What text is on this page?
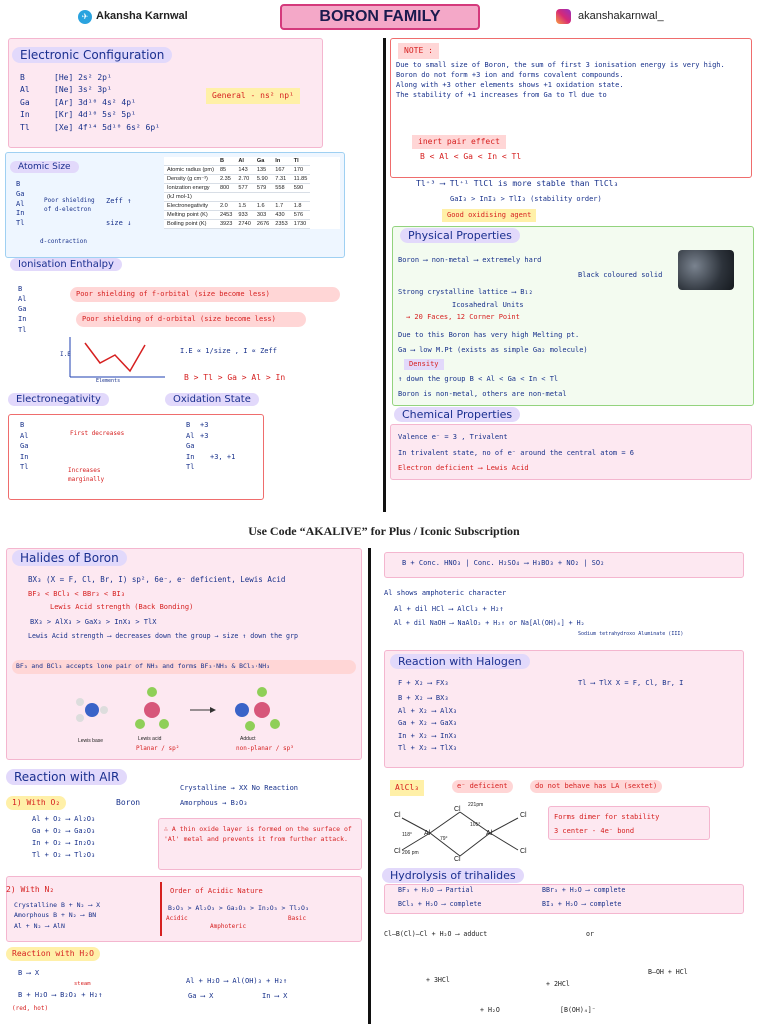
✈ Akansha Karnwal	BORON FAMILY	akanshakarnwal_
Electronic Configuration
B	[He] 2s² 2p¹
Al	[Ne] 3s² 3p¹
Ga	[Ar] 3d¹⁰ 4s² 4p¹
In	[Kr] 4d¹⁰ 5s² 5p¹
Tl	[Xe] 4f¹⁴ 5d¹⁰ 6s² 6p¹
General - ns² np¹
Atomic Size
B
Ga
Al
In
Tl
Poor shielding of d-electron
Zeff ↑
size ↓
d-contraction
	B	Al	Ga	In	Tl
Atomic radius (pm)	85	143	135	167	170
Density (g cm⁻³)	2.35	2.70	5.90	7.31	11.85
Ionization energy	800	577	579	558	590
(kJ mol-1)					
Electronegativity	2.0	1.5	1.6	1.7	1.8
Melting point (K)	2453	933	303	430	576
Boiling point (K)	3923	2740	2676	2353	1730
Ionisation Enthalpy
B
Al
Ga
In
Tl
Poor shielding of f-orbital (size become less)
Poor shielding of d-orbital (size become less)
I.E
Elements
I.E ∝ 1/size , I ∝ Zeff
B > Tl > Ga > Al > In
Electronegativity	Oxidation State
B
Al
Ga
In
Tl
First decreases
Increases marginally
B +3
Al +3
Ga
In +3, +1
Tl
NOTE :
Due to small size of Boron, the sum of first 3 ionisation energy is very high.
Boron do not form +3 ion and forms covalent compounds.
Along with +3 other elements shows +1 oxidation state.
The stability of +1 increases from Ga to Tl due to
inert pair effect
B < Al < Ga < In < Tl
Tl⁺³ ⟶ Tl⁺¹ TlCl is more stable than TlCl₃
GaI₃ > InI₃ > TlI₃ (stability order)
Good oxidising agent
Physical Properties
Boron ⟶ non-metal ⟶ extremely hard
Black coloured solid
Strong crystalline lattice ⟶ B₁₂
Icosahedral Units
→ 20 Faces, 12 Corner Point
Due to this Boron has very high Melting pt.
Ga ⟶ low M.Pt (exists as simple Ga₂ molecule)
Density
↑ down the group B < Al < Ga < In < Tl
Boron is non-metal, others are non-metal
Chemical Properties
Valence e⁻ = 3 , Trivalent
In trivalent state, no of e⁻ around the central atom = 6
Electron deficient ⟶ Lewis Acid
Use Code “AKALIVE” for Plus / Iconic Subscription
Halides of Boron
BX₃ (X = F, Cl, Br, I) sp², 6e⁻, e⁻ deficient, Lewis Acid
BF₃ < BCl₃ < BBr₃ < BI₃
Lewis Acid strength (Back Bonding)
BX₃ > AlX₃ > GaX₃ > InX₃ > TlX
Lewis Acid strength ⟶ decreases down the group → size ↑ down the grp
BF₃ and BCl₃ accepts lone pair of NH₃ and forms BF₃·NH₃ & BCl₃·NH₃
Lewis base	Lewis acid
Planar / sp²
Adduct
non-planar / sp³
Reaction with AIR
1) With O₂	Boron
Crystalline → XX No Reaction
Amorphous → B₂O₃
Al + O₂ ⟶ Al₂O₃
Ga + O₂ ⟶ Ga₂O₃
In + O₂ ⟶ In₂O₃
Tl + O₂ ⟶ Tl₂O₃
∴ A thin oxide layer is formed on the surface of 'Al' metal and prevents it from further attack.
2) With N₂
Crystalline B + N₂ ⟶ X
Amorphous B + N₂ ⟶ BN
Al + N₂ ⟶ AlN
Order of Acidic Nature
B₂O₃ > Al₂O₃ > Ga₂O₃ > In₂O₃ > Tl₂O₃
Acidic
Amphoteric
Basic
Reaction with H₂O
B ⟶ X
steam
B + H₂O ⟶ B₂O₃ + H₂↑
(red, hot)
Al + H₂O ⟶ Al(OH)₃ + H₂↑
Ga ⟶ X	In ⟶ X
B + Conc. HNO₃ | Conc. H₂SO₄ ⟶ H₃BO₃ + NO₂ | SO₂
Al shows amphoteric character
Al + dil HCl ⟶ AlCl₃ + H₂↑
Al + dil NaOH ⟶ NaAlO₂ + H₂↑ or Na[Al(OH)₄] + H₂
Sodium tetrahydroxo Aluminate (III)
Reaction with Halogen
F + X₂ ⟶ FX₃
B + X₂ ⟶ BX₃
Al + X₂ ⟶ AlX₃
Ga + X₂ ⟶ GaX₃
In + X₂ ⟶ InX₃
Tl + X₂ ⟶ TlX₃
Tl ⟶ TlX X = F, Cl, Br, I
AlCl₃	e⁻ deficient	do not behave has LA (sextet)
Cl
Cl
Cl
Cl
Cl
Cl
Al	Al
221pm
101°
118°
79°
206 pm
Forms dimer for stability
3 center - 4e⁻ bond
Hydrolysis of trihalides
BF₃ + H₂O ⟶ Partial
BCl₃ + H₂O ⟶ complete
BBr₃ + H₂O ⟶ complete
BI₃ + H₂O ⟶ complete
Cl–B(Cl)–Cl + H₂O ⟶ adduct	or
B–OH + HCl
+ 3HCl	+ 2HCl
+ H₂O	[B(OH)₄]⁻
